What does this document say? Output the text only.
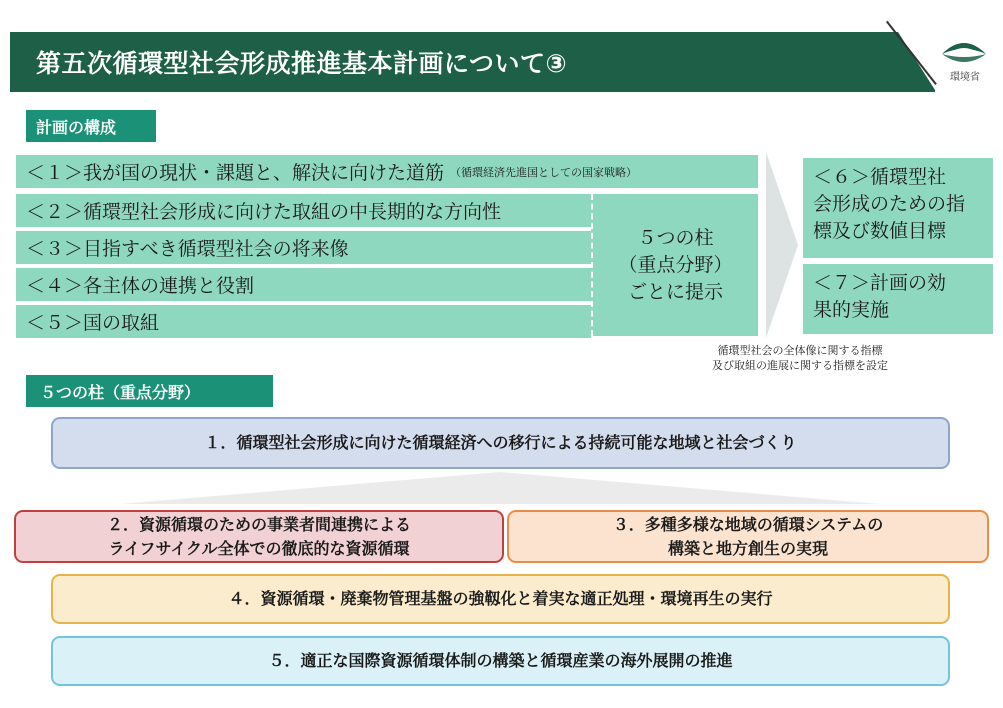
第五次循環型社会形成推進基本計画について③	環境省
計画の構成
＜１＞我が国の現状・課題と、解決に向けた道筋 （循環経済先進国としての国家戦略）
＜２＞循環型社会形成に向けた取組の中長期的な方向性
＜３＞目指すべき循環型社会の将来像
＜４＞各主体の連携と役割
＜５＞国の取組
５つの柱
（重点分野）
ごとに提示
＜６＞循環型社
会形成のための指
標及び数値目標
＜７＞計画の効
果的実施
循環型社会の全体像に関する指標
及び取組の進展に関する指標を設定
５つの柱（重点分野）
１．循環型社会形成に向けた循環経済への移行による持続可能な地域と社会づくり
２．資源循環のための事業者間連携による
ライフサイクル全体での徹底的な資源循環
３．多種多様な地域の循環システムの
構築と地方創生の実現
４．資源循環・廃棄物管理基盤の強靱化と着実な適正処理・環境再生の実行
５．適正な国際資源循環体制の構築と循環産業の海外展開の推進
